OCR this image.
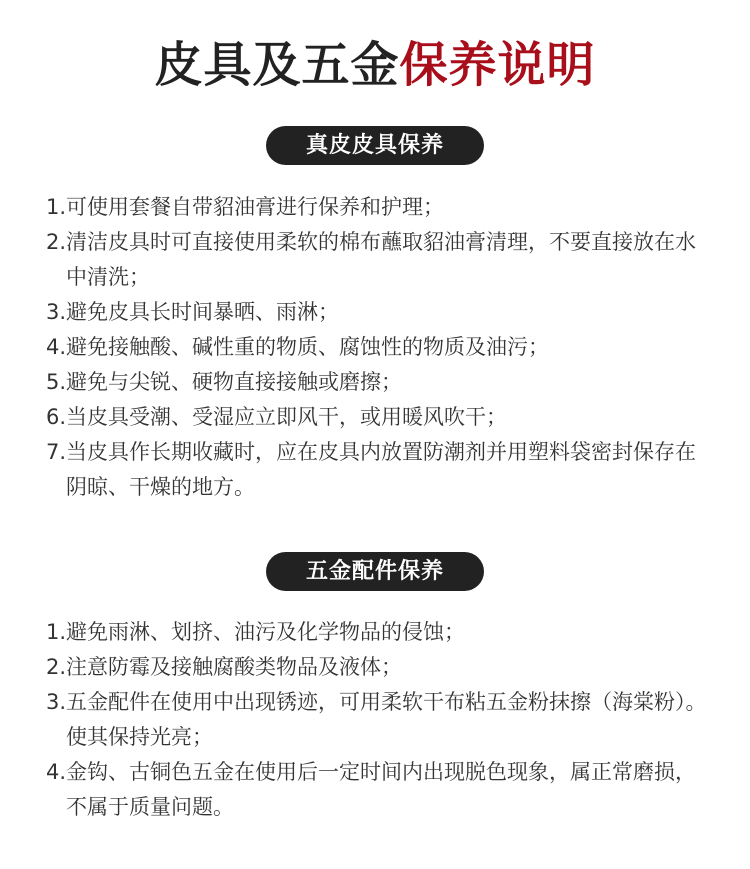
皮具及五金保养说明
真皮皮具保养
1.可使用套餐自带貂油膏进行保养和护理；
2.清洁皮具时可直接使用柔软的棉布蘸取貂油膏清理，不要直接放在水中清洗；
3.避免皮具长时间暴晒、雨淋；
4.避免接触酸、碱性重的物质、腐蚀性的物质及油污；
5.避免与尖锐、硬物直接接触或磨擦；
6.当皮具受潮、受湿应立即风干，或用暖风吹干；
7.当皮具作长期收藏时，应在皮具内放置防潮剂并用塑料袋密封保存在阴晾、干燥的地方。
五金配件保养
1.避免雨淋、划挤、油污及化学物品的侵蚀；
2.注意防霉及接触腐酸类物品及液体；
3.五金配件在使用中出现锈迹，可用柔软干布粘五金粉抹擦（海棠粉）。使其保持光亮；
4.金钩、古铜色五金在使用后一定时间内出现脱色现象，属正常磨损，不属于质量问题。
